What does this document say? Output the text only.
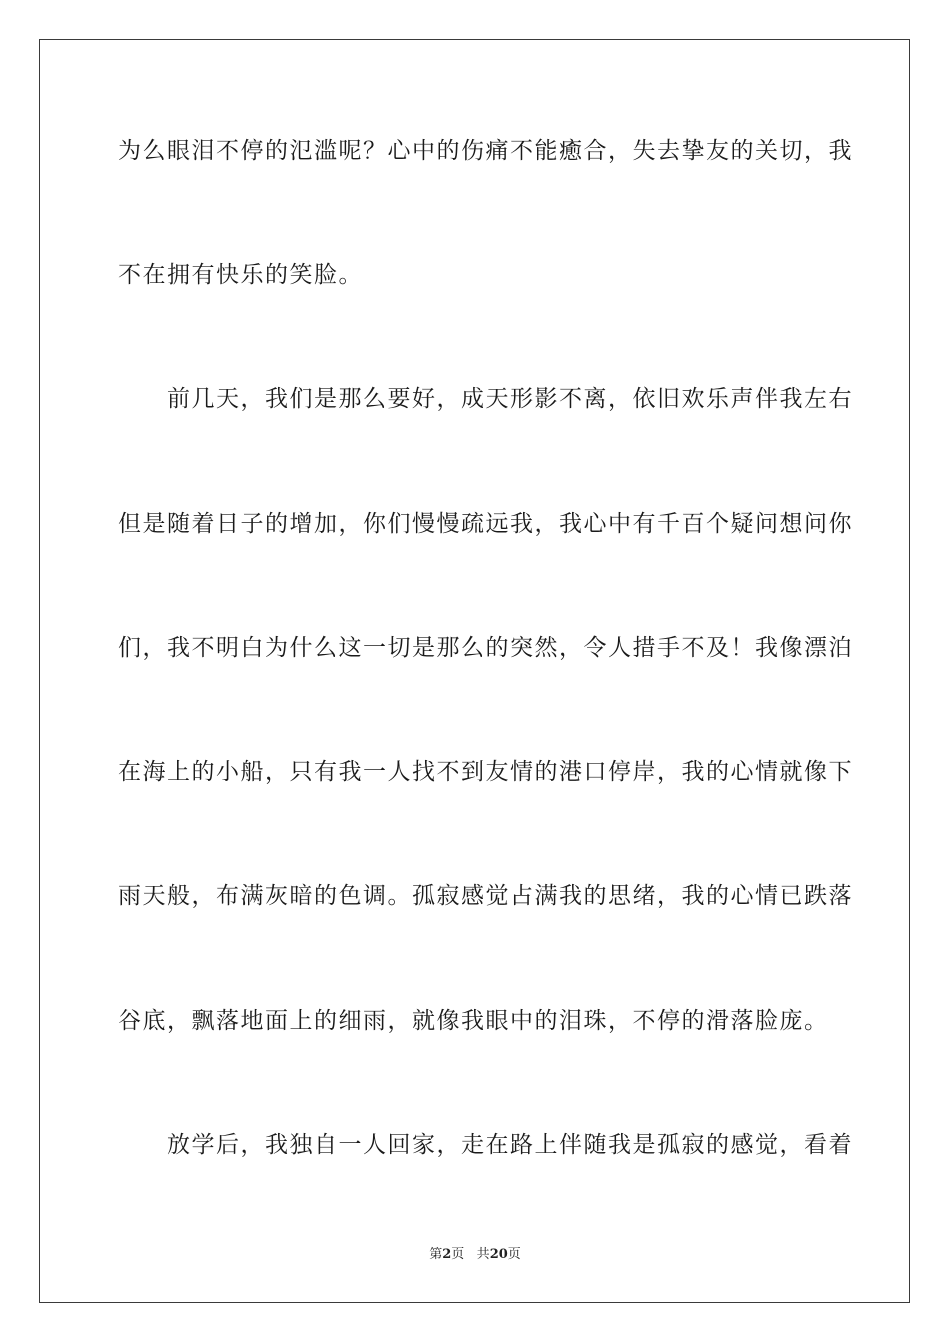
为么眼泪不停的氾滥呢？心中的伤痛不能癒合，失去挚友的关切，我
不在拥有快乐的笑脸。
　　前几天，我们是那么要好，成天形影不离，依旧欢乐声伴我左右
但是随着日子的增加，你们慢慢疏远我，我心中有千百个疑问想问你
们，我不明白为什么这一切是那么的突然，令人措手不及！我像漂泊
在海上的小船，只有我一人找不到友情的港口停岸，我的心情就像下
雨天般，布满灰暗的色调。孤寂感觉占满我的思绪，我的心情已跌落
谷底，飘落地面上的细雨，就像我眼中的泪珠，不停的滑落脸庞。
　　放学后，我独自一人回家，走在路上伴随我是孤寂的感觉，看着
第2页 共20页
